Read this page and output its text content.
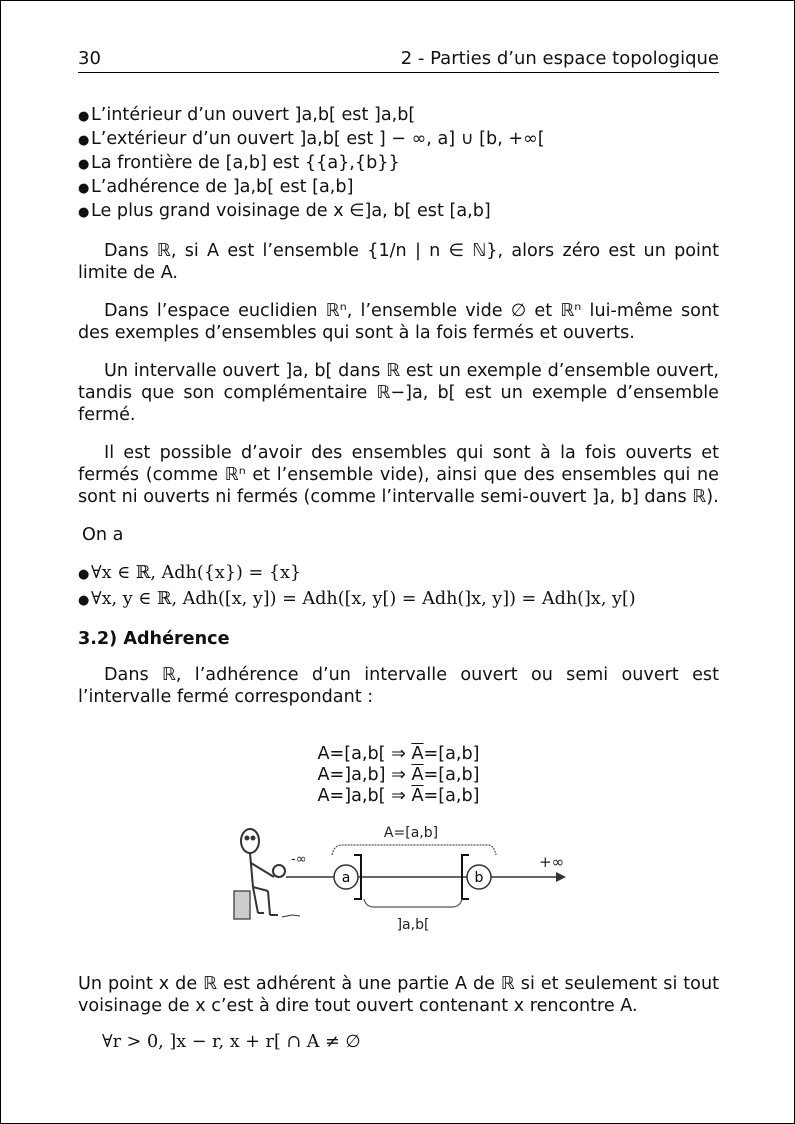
30	2 - Parties d’un espace topologique

●L’intérieur d’un ouvert ]a,b[ est ]a,b[

●L’extérieur d’un ouvert ]a,b[ est ] − ∞, a] ∪ [b, +∞[

●La frontière de [a,b] est {{a},{b}}

●L’adhérence de ]a,b[ est [a,b]

●Le plus grand voisinage de x ∈]a, b[ est [a,b]

Dans ℝ, si A est l’ensemble {1/n | n ∈ ℕ}, alors zéro est un point limite de A.

Dans l’espace euclidien ℝⁿ, l’ensemble vide ∅ et ℝⁿ lui-même sont des exemples d’ensembles qui sont à la fois fermés et ouverts.

Un intervalle ouvert ]a, b[ dans ℝ est un exemple d’ensemble ouvert, tandis que son complémentaire ℝ−]a, b[ est un exemple d’ensemble fermé.

Il est possible d’avoir des ensembles qui sont à la fois ouverts et fermés (comme ℝⁿ et l’ensemble vide), ainsi que des ensembles qui ne sont ni ouverts ni fermés (comme l’intervalle semi-ouvert ]a, b] dans ℝ).

On a

●∀x ∈ ℝ, Adh({x}) = {x}

●∀x, y ∈ ℝ, Adh([x, y]) = Adh([x, y[) = Adh(]x, y]) = Adh(]x, y[)

3.2) Adhérence

Dans ℝ, l’adhérence d’un intervalle ouvert ou semi ouvert est l’intervalle fermé correspondant :

A=[a,b[ ⇒ $\overline{A}=[a,b]$
A=]a,b] ⇒ $\overline{A}=[a,b]$
A=]a,b[ ⇒ $\overline{A}=[a,b]$
-∞	+∞
a	b
Ā=[a,b]
]a,b[

Un point x de ℝ est adhérent à une partie A de ℝ si et seulement si tout voisinage de x c’est à dire tout ouvert contenant x rencontre A.

∀r > 0, ]x − r, x + r[ ∩ A ≠ ∅
